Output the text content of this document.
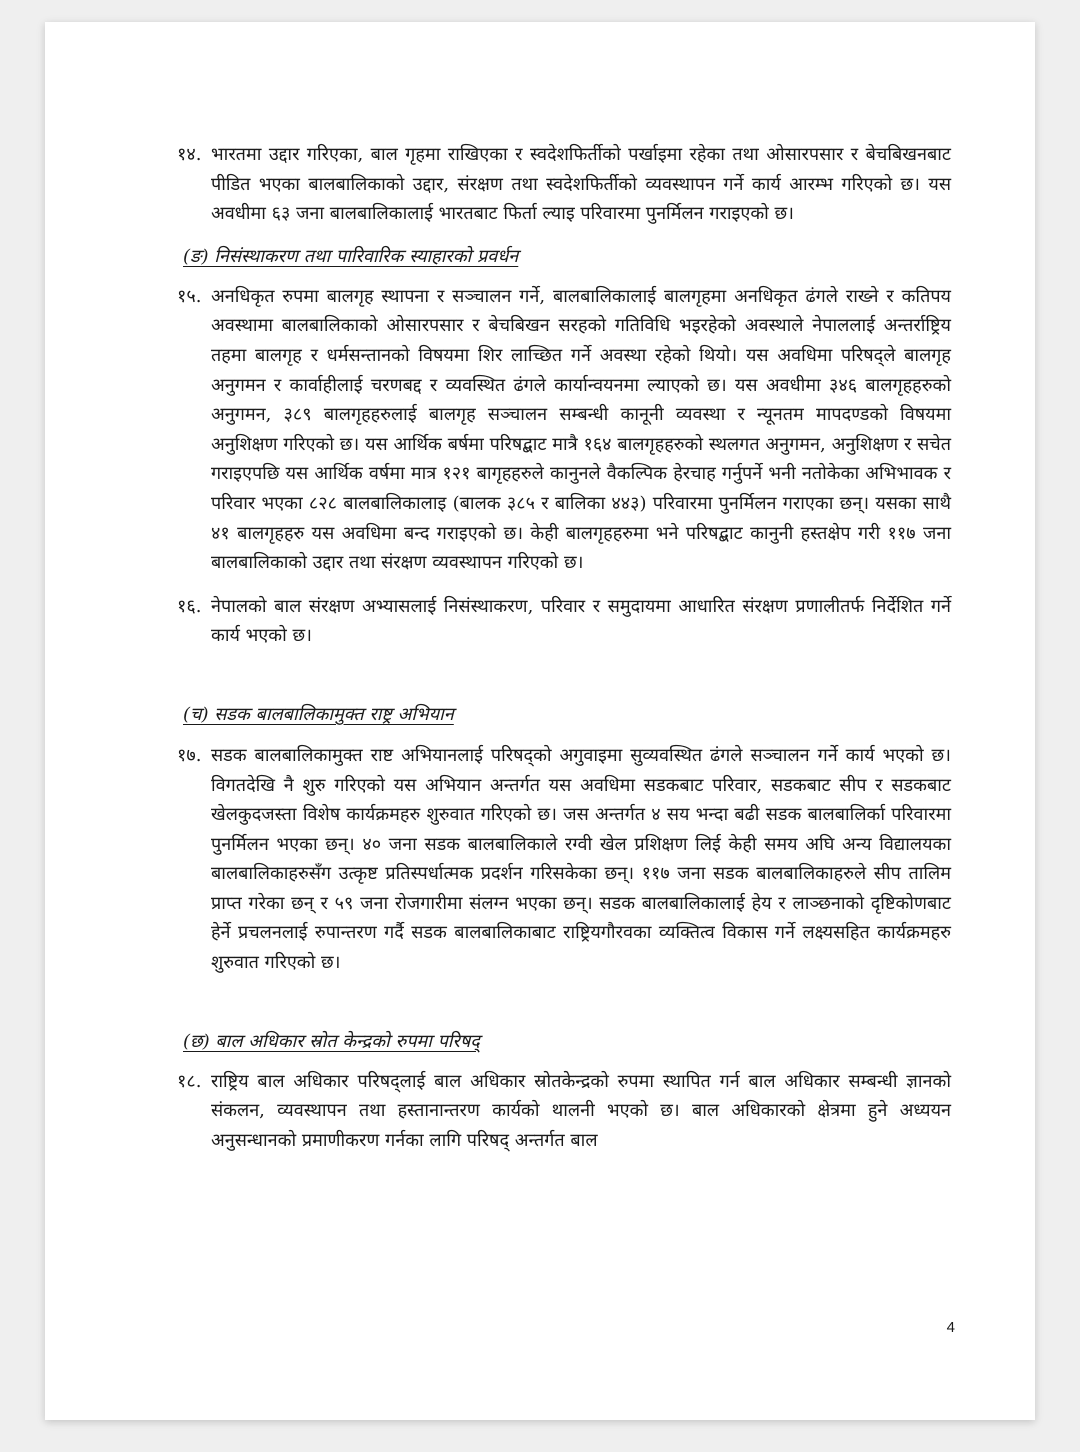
१४. भारतमा उद्दार गरिएका, बाल गृहमा राखिएका र स्वदेशफिर्तीको पर्खाइमा रहेका तथा ओसारपसार र बेचबिखनबाट पीडित भएका बालबालिकाको उद्दार, संरक्षण तथा स्वदेशफिर्तीको व्यवस्थापन गर्ने कार्य आरम्भ गरिएको छ। यस अवधीमा ६३ जना बालबालिकालाई भारतबाट फिर्ता ल्याइ परिवारमा पुनर्मिलन गराइएको छ।
(ङ) निसंस्थाकरण तथा पारिवारिक स्याहारको प्रवर्धन
१५. अनधिकृत रुपमा बालगृह स्थापना र सञ्चालन गर्ने, बालबालिकालाई बालगृहमा अनधिकृत ढंगले राख्ने र कतिपय अवस्थामा बालबालिकाको ओसारपसार र बेचबिखन सरहको गतिविधि भइरहेको अवस्थाले नेपाललाई अन्तर्राष्ट्रिय तहमा बालगृह र धर्मसन्तानको विषयमा शिर लाच्छित गर्ने अवस्था रहेको थियो। यस अवधिमा परिषद्ले बालगृह अनुगमन र कार्वाहीलाई चरणबद्द र व्यवस्थित ढंगले कार्यान्वयनमा ल्याएको छ। यस अवधीमा ३४६ बालगृहहरुको अनुगमन, ३८९ बालगृहहरुलाई बालगृह सञ्चालन सम्बन्धी कानूनी व्यवस्था र न्यूनतम मापदण्डको विषयमा अनुशिक्षण गरिएको छ। यस आर्थिक बर्षमा परिषद्बाट मात्रै १६४ बालगृहहरुको स्थलगत अनुगमन, अनुशिक्षण र सचेत गराइएपछि यस आर्थिक वर्षमा मात्र १२१ बागृहहरुले कानुनले वैकल्पिक हेरचाह गर्नुपर्ने भनी नतोकेका अभिभावक र परिवार भएका ८२८ बालबालिकालाइ (बालक ३८५ र बालिका ४४३) परिवारमा पुनर्मिलन गराएका छन्। यसका साथै ४१ बालगृहहरु यस अवधिमा बन्द गराइएको छ। केही बालगृहहरुमा भने परिषद्बाट कानुनी हस्तक्षेप गरी ११७ जना बालबालिकाको उद्दार तथा संरक्षण व्यवस्थापन गरिएको छ।
१६. नेपालको बाल संरक्षण अभ्यासलाई निसंस्थाकरण, परिवार र समुदायमा आधारित संरक्षण प्रणालीतर्फ निर्देशित गर्ने कार्य भएको छ।
(च) सडक बालबालिकामुक्त राष्ट्र अभियान
१७. सडक बालबालिकामुक्त राष्ट अभियानलाई परिषद्को अगुवाइमा सुव्यवस्थित ढंगले सञ्चालन गर्ने कार्य भएको छ। विगतदेखि नै शुरु गरिएको यस अभियान अन्तर्गत यस अवधिमा सडकबाट परिवार, सडकबाट सीप र सडकबाट खेलकुदजस्ता विशेष कार्यक्रमहरु शुरुवात गरिएको छ। जस अन्तर्गत ४ सय भन्दा बढी सडक बालबालिर्का परिवारमा पुनर्मिलन भएका छन्। ४० जना सडक बालबालिकाले रग्वी खेल प्रशिक्षण लिई केही समय अघि अन्य विद्यालयका बालबालिकाहरुसँग उत्कृष्ट प्रतिस्पर्धात्मक प्रदर्शन गरिसकेका छन्। ११७ जना सडक बालबालिकाहरुले सीप तालिम प्राप्त गरेका छन् र ५९ जना रोजगारीमा संलग्न भएका छन्। सडक बालबालिकालाई हेय र लाञ्छनाको दृष्टिकोणबाट हेर्ने प्रचलनलाई रुपान्तरण गर्दै सडक बालबालिकाबाट राष्ट्रियगौरवका व्यक्तित्व विकास गर्ने लक्ष्यसहित कार्यक्रमहरु शुरुवात गरिएको छ।
(छ) बाल अधिकार स्रोत केन्द्रको रुपमा परिषद्
१८. राष्ट्रिय बाल अधिकार परिषद्लाई बाल अधिकार स्रोतकेन्द्रको रुपमा स्थापित गर्न बाल अधिकार सम्बन्धी ज्ञानको संकलन, व्यवस्थापन तथा हस्तानान्तरण कार्यको थालनी भएको छ। बाल अधिकारको क्षेत्रमा हुने अध्ययन अनुसन्धानको प्रमाणीकरण गर्नका लागि परिषद् अन्तर्गत बाल
4
